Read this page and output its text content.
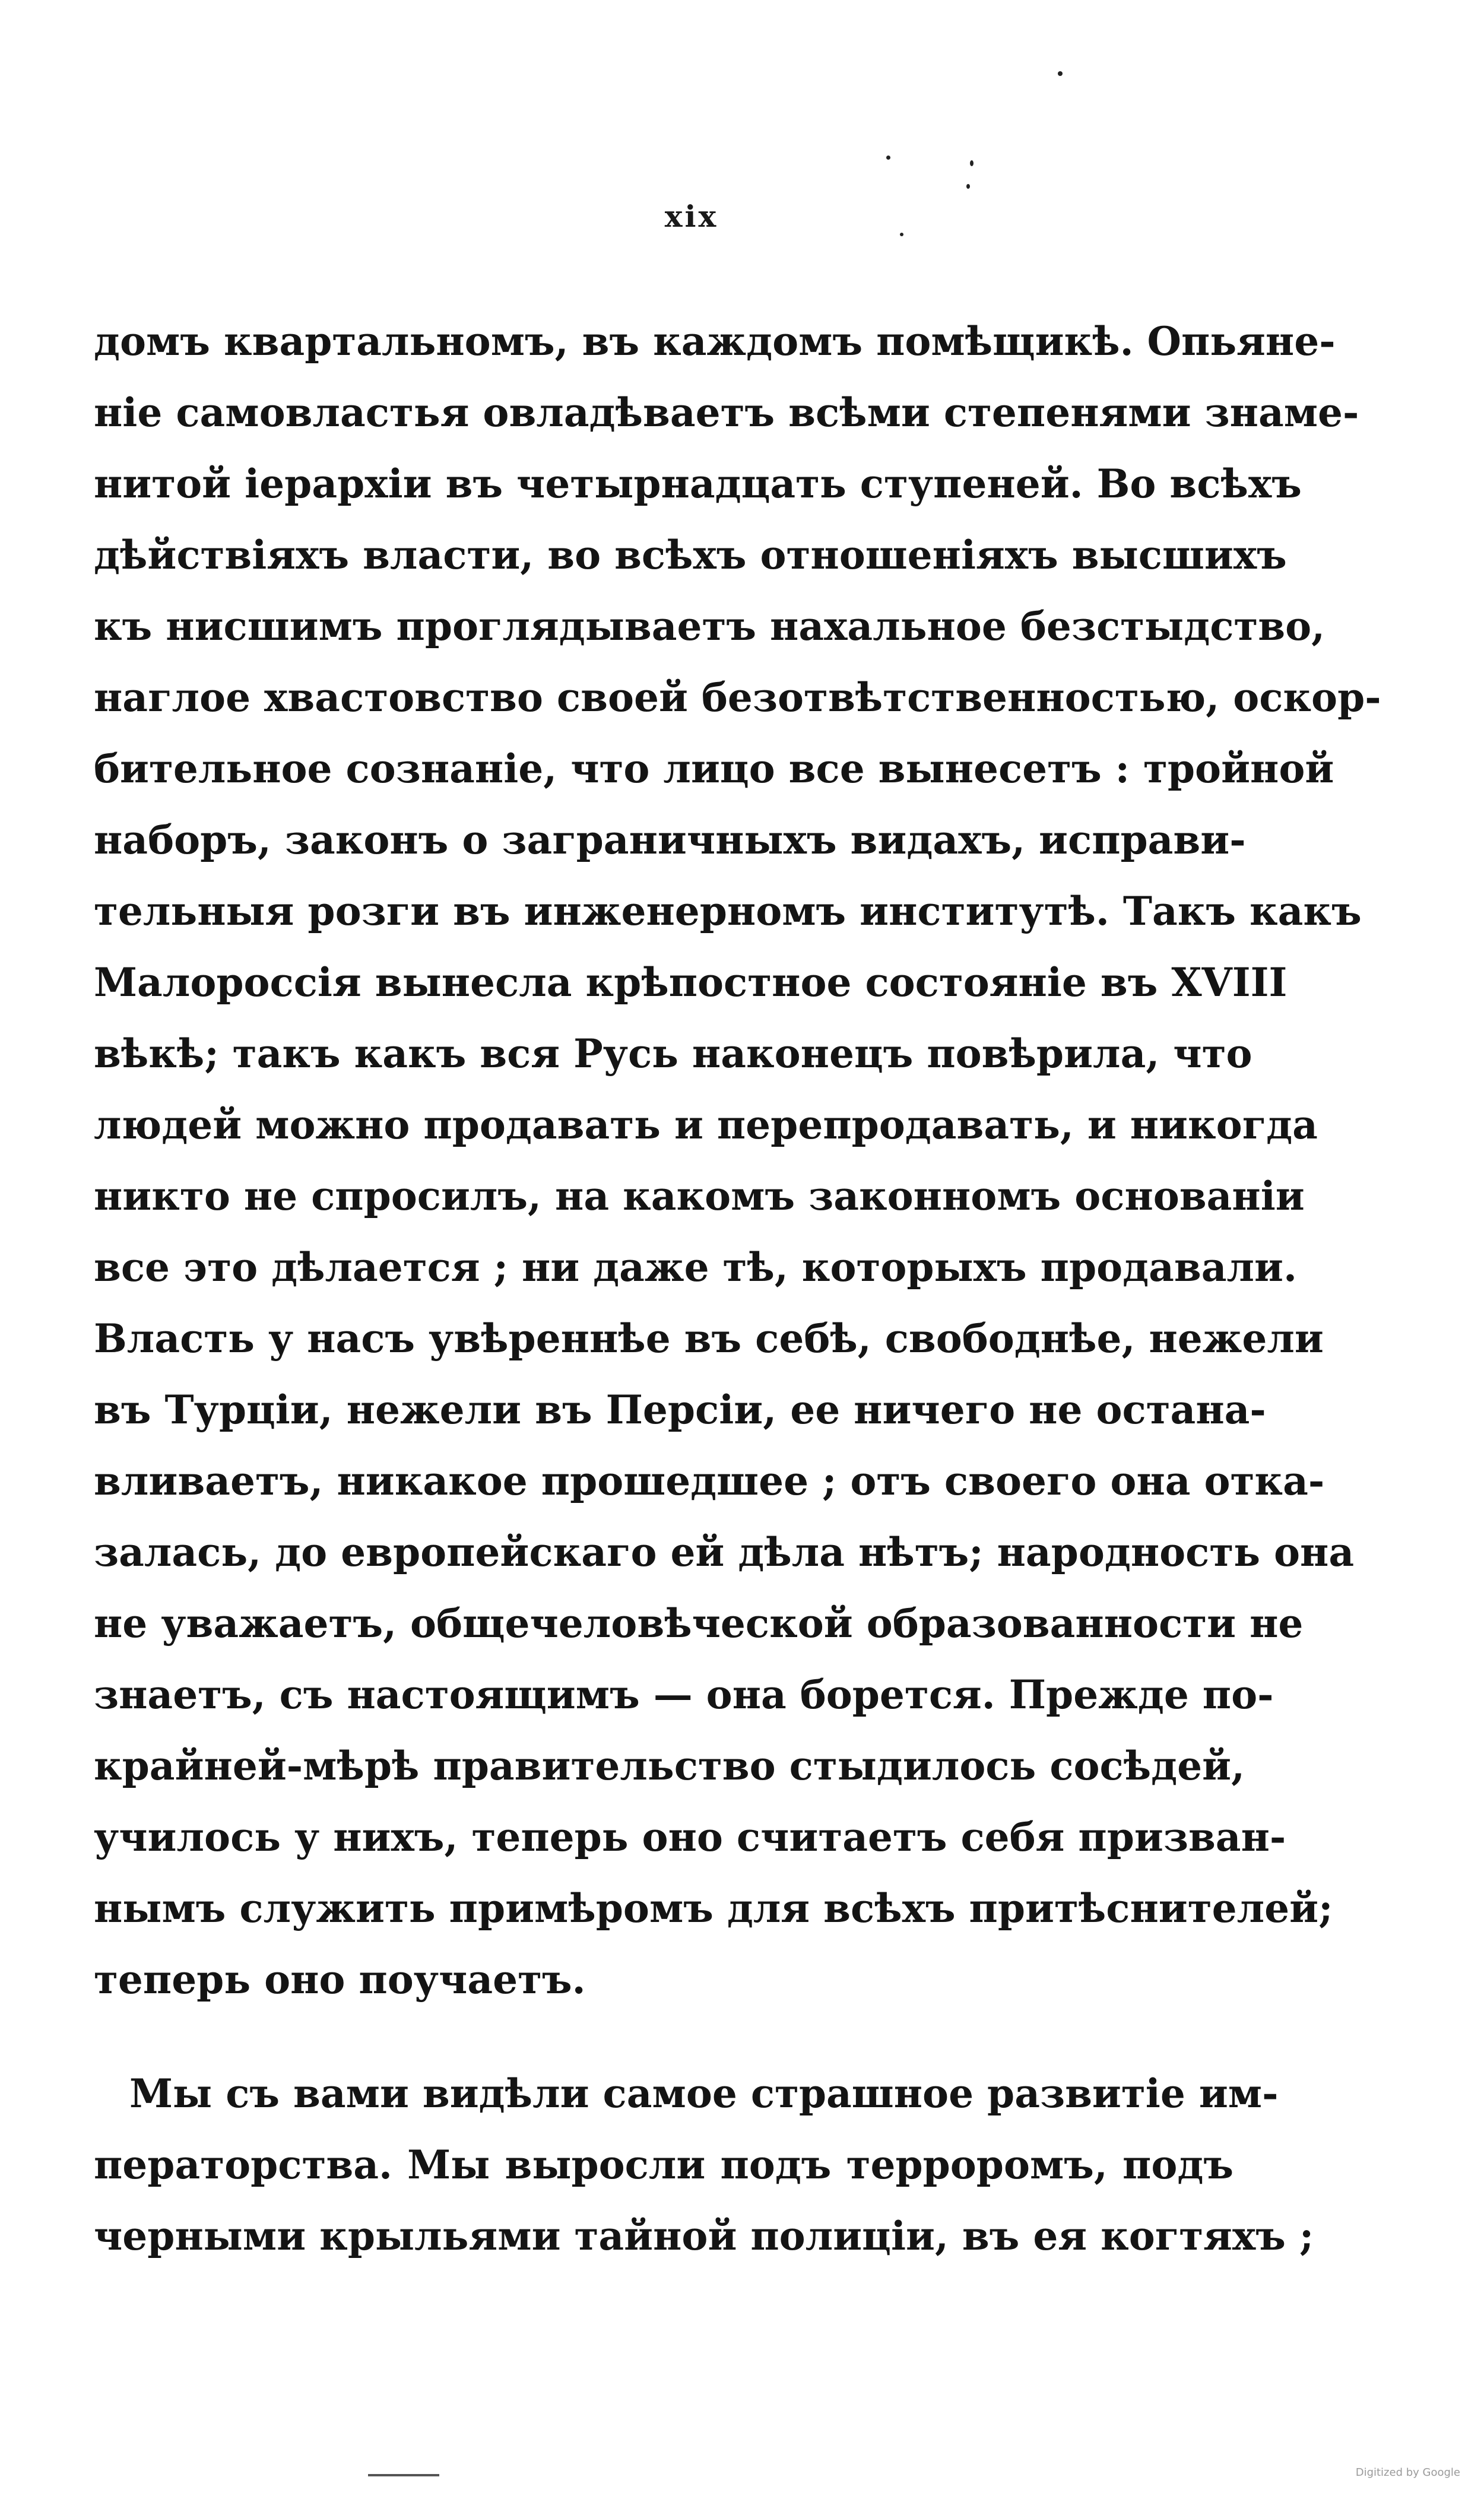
xix
домъ квартальномъ, въ каждомъ помѣщикѣ. Опьяне-
ніе самовластья овладѣваетъ всѣми степенями знаме-
нитой іерархіи въ четырнадцать ступеней. Во всѣхъ
дѣйствіяхъ власти, во всѣхъ отношеніяхъ высшихъ
къ нисшимъ проглядываетъ нахальное безстыдство,
наглое хвастовство своей безотвѣтственностью, оскор-
бительное сознаніе, что лицо все вынесетъ : тройной
наборъ, законъ о заграничныхъ видахъ, исправи-
тельныя розги въ инженерномъ институтѣ. Такъ какъ
Малороссія вынесла крѣпостное состояніе въ XVIII
вѣкѣ; такъ какъ вся Русь наконецъ повѣрила, что
людей можно продавать и перепродавать, и никогда
никто не спросилъ, на какомъ законномъ основаніи
все это дѣлается ; ни даже тѣ, которыхъ продавали.
Власть у насъ увѣреннѣе въ себѣ, свободнѣе, нежели
въ Турціи, нежели въ Персіи, ее ничего не остана-
вливаетъ, никакое прошедшее ; отъ своего она отка-
залась, до европейскаго ей дѣла нѣтъ; народность она
не уважаетъ, общечеловѣческой образованности не
знаетъ, съ настоящимъ — она борется. Прежде по-
крайней-мѣрѣ правительство стыдилось сосѣдей,
училось у нихъ, теперь оно считаетъ себя призван-
нымъ служить примѣромъ для всѣхъ притѣснителей;
теперь оно поучаетъ.
Мы съ вами видѣли самое страшное развитіе им-
ператорства. Мы выросли подъ терроромъ, подъ
черными крыльями тайной полиціи, въ ея когтяхъ ;
Digitized by Google
